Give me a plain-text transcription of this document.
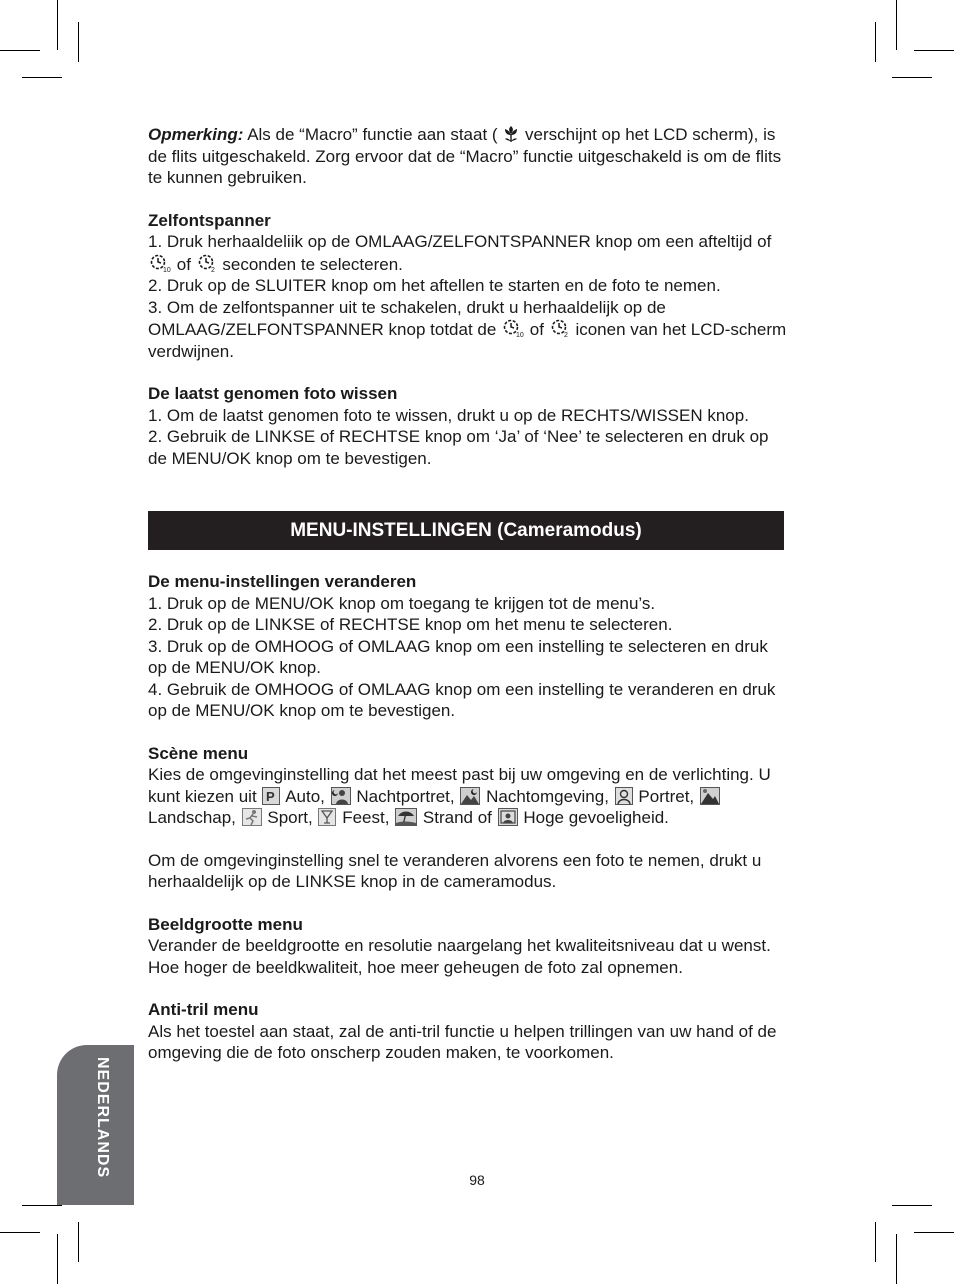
Opmerking: Als de “Macro” functie aan staat (
verschijnt op het LCD scherm), is de flits uitgeschakeld. Zorg ervoor dat de “Macro” functie uitgeschakeld is om de flits te kunnen gebruiken.

Zelfontspanner

1. Druk herhaaldeliik op de OMLAAG/ZELFONTSPANNER knop om een afteltijd of
10 of	2 seconden te selecteren.

2. Druk op de SLUITER knop om het aftellen te starten en de foto te nemen.

3. Om de zelfontspanner uit te schakelen, drukt u herhaaldelijk op de OMLAAG/ZELFONTSPANNER knop totdat de	10 of	2 iconen van het LCD-scherm verdwijnen.

De laatst genomen foto wissen

1. Om de laatst genomen foto te wissen, drukt u op de RECHTS/WISSEN knop.

2. Gebruik de LINKSE of RECHTSE knop om ‘Ja’ of ‘Nee’ te selecteren en druk op de MENU/OK knop om te bevestigen.

MENU-INSTELLINGEN (Cameramodus)

De menu-instellingen veranderen

1. Druk op de MENU/OK knop om toegang te krijgen tot de menu’s.

2. Druk op de LINKSE of RECHTSE knop om het menu te selecteren.

3. Druk op de OMHOOG of OMLAAG knop om een instelling te selecteren en druk op de MENU/OK knop.

4. Gebruik de OMHOOG of OMLAAG knop om een instelling te veranderen en druk op de MENU/OK knop om te bevestigen.

Scène menu

Kies de omgevinginstelling dat het meest past bij uw omgeving en de verlichting. U kunt kiezen uit P Auto,
Nachtportret,
Nachtomgeving,
Portret,
Landschap,
Sport,
Feest,
Strand of
Hoge gevoeligheid.

Om de omgevinginstelling snel te veranderen alvorens een foto te nemen, drukt u herhaaldelijk op de LINKSE knop in de cameramodus.

Beeldgrootte menu

Verander de beeldgrootte en resolutie naargelang het kwaliteitsniveau dat u wenst. Hoe hoger de beeldkwaliteit, hoe meer geheugen de foto zal opnemen.

Anti-tril menu

Als het toestel aan staat, zal de anti-tril functie u helpen trillingen van uw hand of de omgeving die de foto onscherp zouden maken, te voorkomen.

NEDERLANDS
98
